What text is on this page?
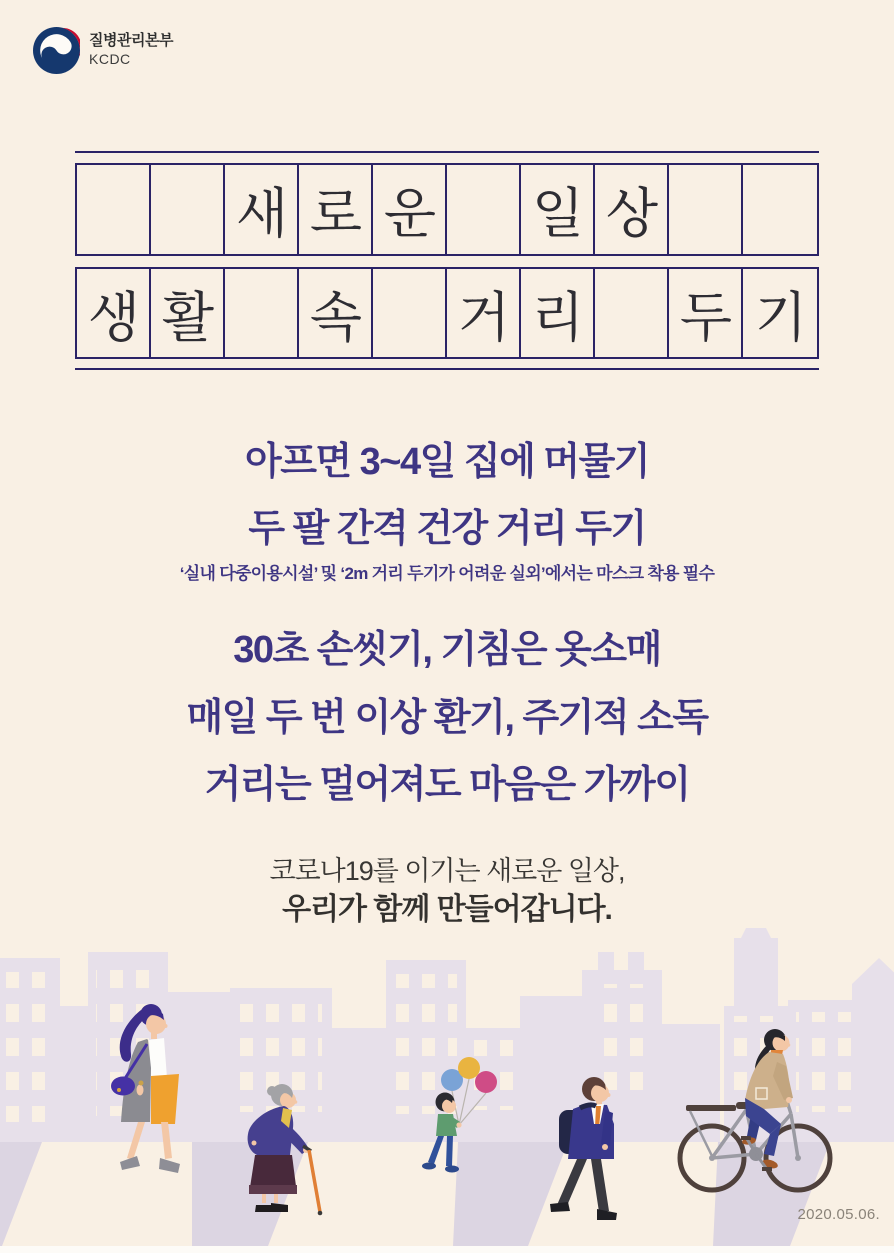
질병관리본부
KCDC
새 로 운 일 상
생 활 속 거 리 두 기
아프면 3~4일 집에 머물기
두 팔 간격 건강 거리 두기
‘실내 다중이용시설’ 및 ‘2m 거리 두기가 어려운 실외’에서는 마스크 착용 필수
30초 손씻기, 기침은 옷소매
매일 두 번 이상 환기, 주기적 소독
거리는 멀어져도 마음은 가까이
코로나19를 이기는 새로운 일상,
우리가 함께 만들어갑니다.
2020.05.06.
